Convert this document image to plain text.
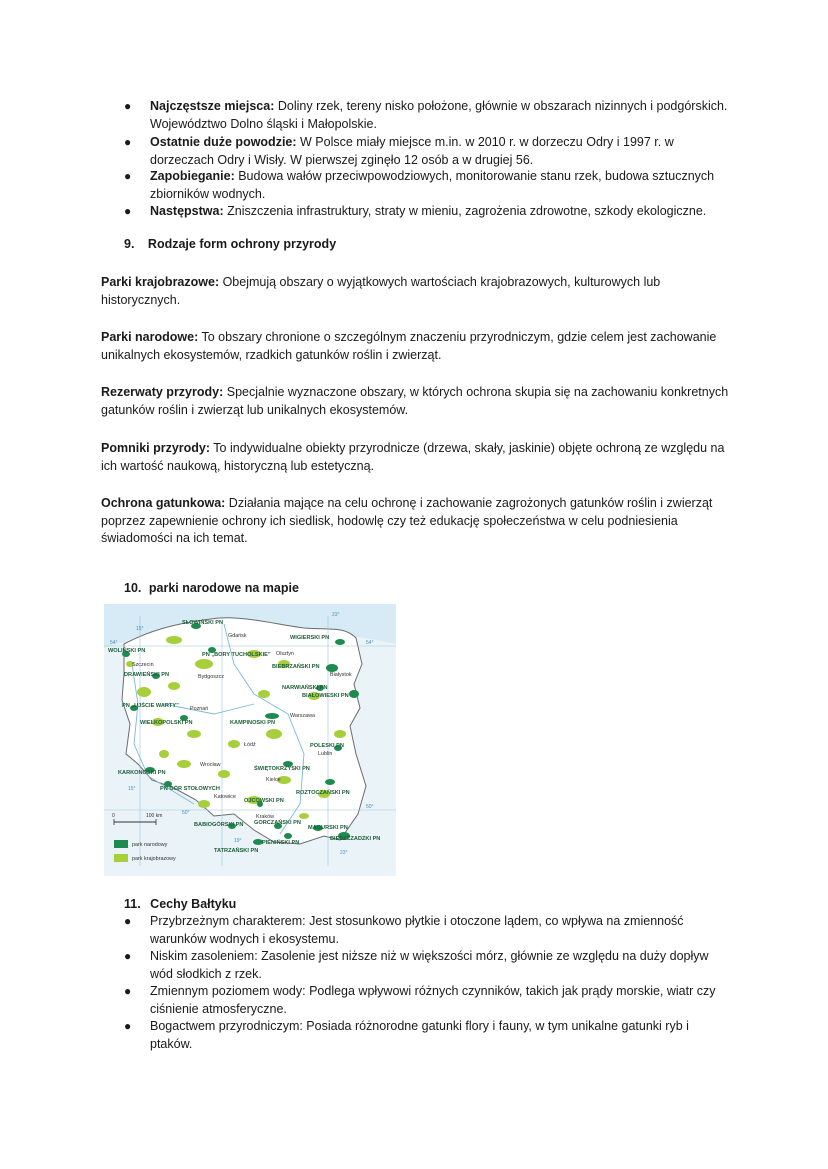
● Najczęstsze miejsca: Doliny rzek, tereny nisko położone, głównie w obszarach nizinnych i podgórskich. Województwo Dolno śląski i Małopolskie.
● Ostatnie duże powodzie: W Polsce miały miejsce m.in. w 2010 r. w dorzeczu Odry i 1997 r. w dorzeczach Odry i Wisły. W pierwszej zginęło 12 osób a w drugiej 56.
● Zapobieganie: Budowa wałów przeciwpowodziowych, monitorowanie stanu rzek, budowa sztucznych zbiorników wodnych.
● Następstwa: Zniszczenia infrastruktury, straty w mieniu, zagrożenia zdrowotne, szkody ekologiczne.
9. Rodzaje form ochrony przyrody
Parki krajobrazowe: Obejmują obszary o wyjątkowych wartościach krajobrazowych, kulturowych lub historycznych.
Parki narodowe: To obszary chronione o szczególnym znaczeniu przyrodniczym, gdzie celem jest zachowanie unikalnych ekosystemów, rzadkich gatunków roślin i zwierząt.
Rezerwaty przyrody: Specjalnie wyznaczone obszary, w których ochrona skupia się na zachowaniu konkretnych gatunków roślin i zwierząt lub unikalnych ekosystemów.
Pomniki przyrody: To indywidualne obiekty przyrodnicze (drzewa, skały, jaskinie) objęte ochroną ze względu na ich wartość naukową, historyczną lub estetyczną.
Ochrona gatunkowa: Działania mające na celu ochronę i zachowanie zagrożonych gatunków roślin i zwierząt poprzez zapewnienie ochrony ich siedlisk, hodowlę czy też edukację społeczeństwa w celu podniesienia świadomości na ich temat.
10. parki narodowe na mapie
SŁOWIŃSKI PN
WIGIERSKI PN
WOLIŃSKI PN
PN „BORY TUCHOLSKIE”
BIEBRZAŃSKI PN
DRAWIEŃSKI PN
NARWIAŃSKI PN
BIAŁOWIESKI PN
PN „UJŚCIE WARTY”
WIELKOPOLSKI PN	KAMPINOSKI PN
POLESKI PN
KARKONOSKI PN
ŚWIĘTOKRZYSKI PN
PN GÓR STOŁOWYCH
ROZTOCZAŃSKI PN
OJCOWSKI PN
BABIOGÓRSKI PN GORCZAŃSKI PN
MAGURSKI PN
BIESZCZADZKI PN
PIENIŃSKI PN
TATRZAŃSKI PN
Gdańsk
Olsztyn
Białystok
Szczecin
Bydgoszcz
Poznań
Warszawa
Łódź
Lublin
Wrocław
Kielce
Katowice
Kraków
15°
23°
54°	54°
50°
50°
15°
19°
23°
0	100 km
park narodowy
park krajobrazowy
11. Cechy Bałtyku
● Przybrzeżnym charakterem: Jest stosunkowo płytkie i otoczone lądem, co wpływa na zmienność warunków wodnych i ekosystemu.
● Niskim zasoleniem: Zasolenie jest niższe niż w większości mórz, głównie ze względu na duży dopływ wód słodkich z rzek.
● Zmiennym poziomem wody: Podlega wpływowi różnych czynników, takich jak prądy morskie, wiatr czy ciśnienie atmosferyczne.
● Bogactwem przyrodniczym: Posiada różnorodne gatunki flory i fauny, w tym unikalne gatunki ryb i ptaków.
